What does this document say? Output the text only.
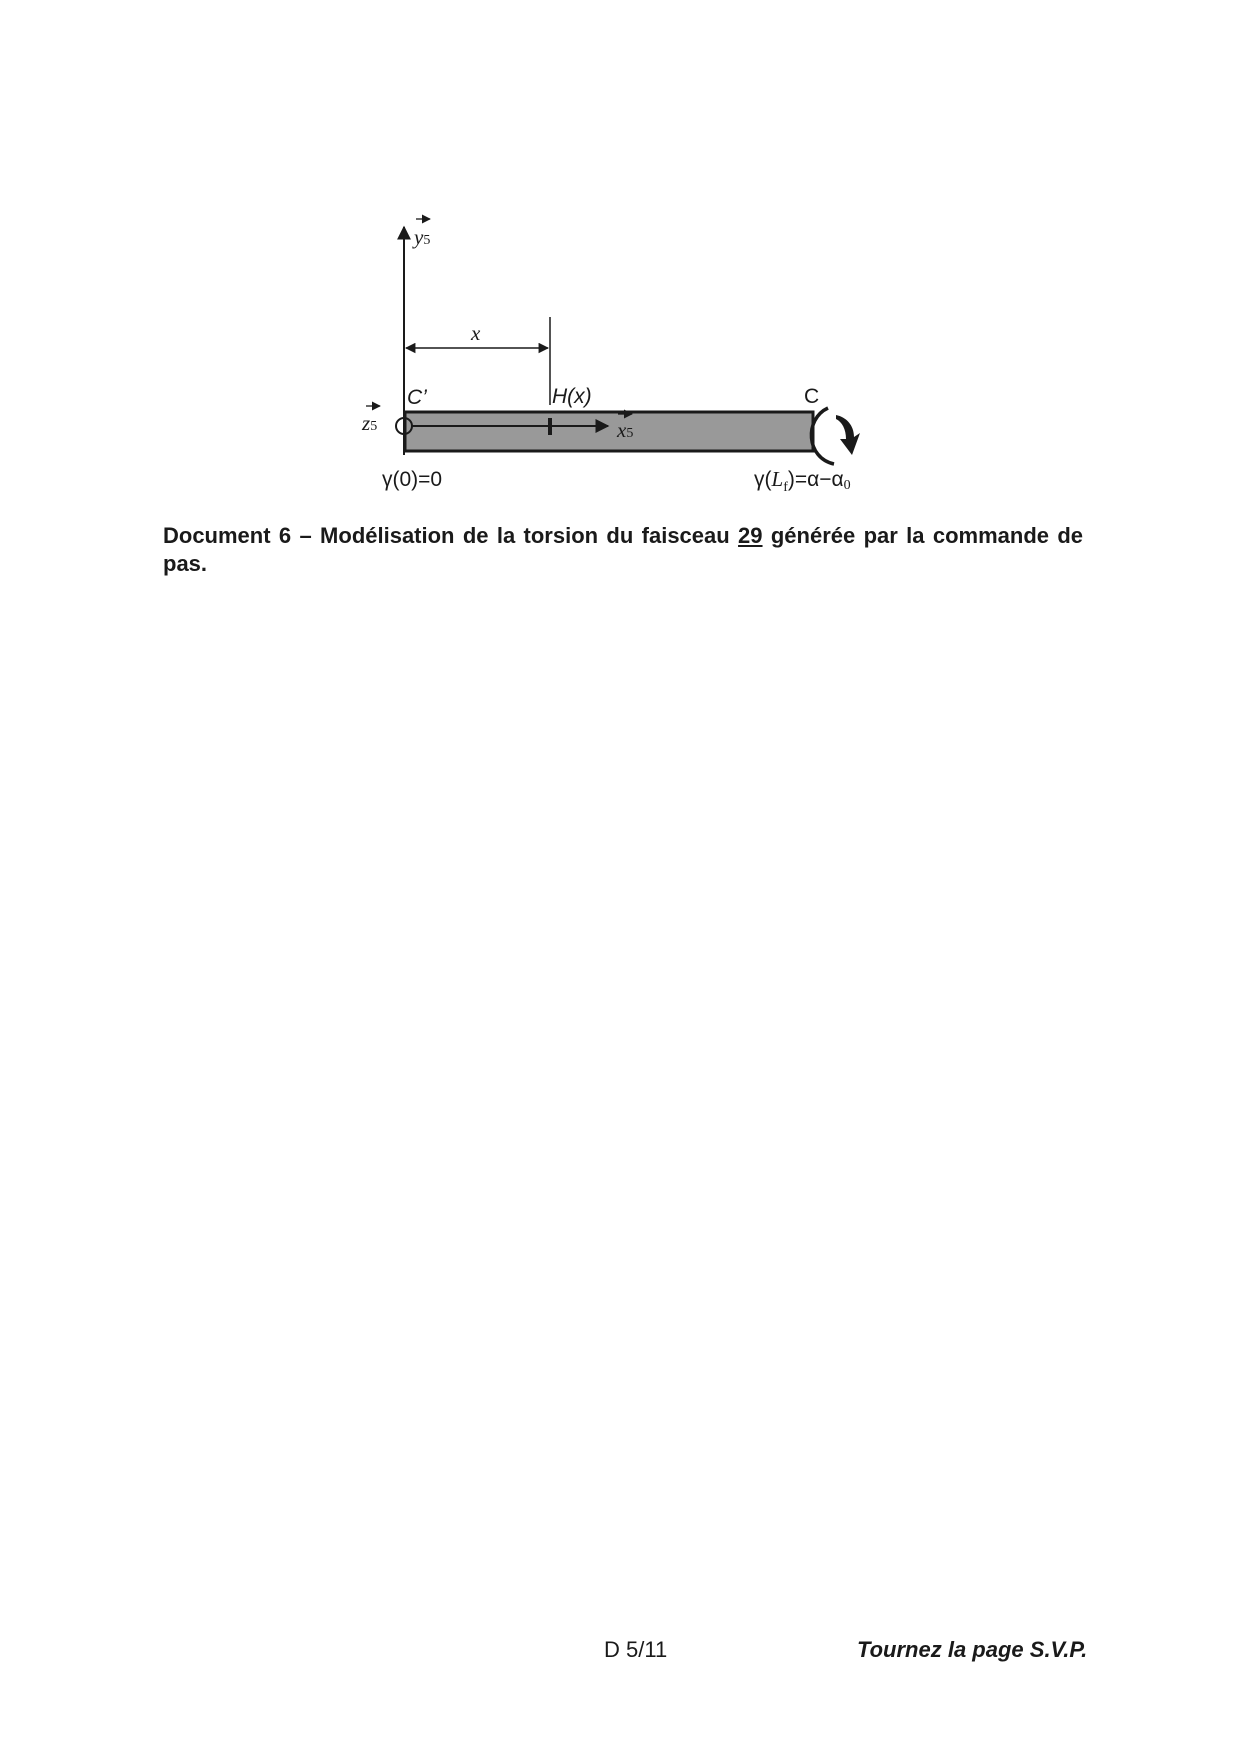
y5
x
C’	H(x)	C
x5
z5
γ(0)=0	$\gamma(L_f)=\alpha-\alpha 0$

Document 6 – Modélisation de la torsion du faisceau 29 générée par la commande de pas.

D 5/11	Tournez la page S.V.P.
